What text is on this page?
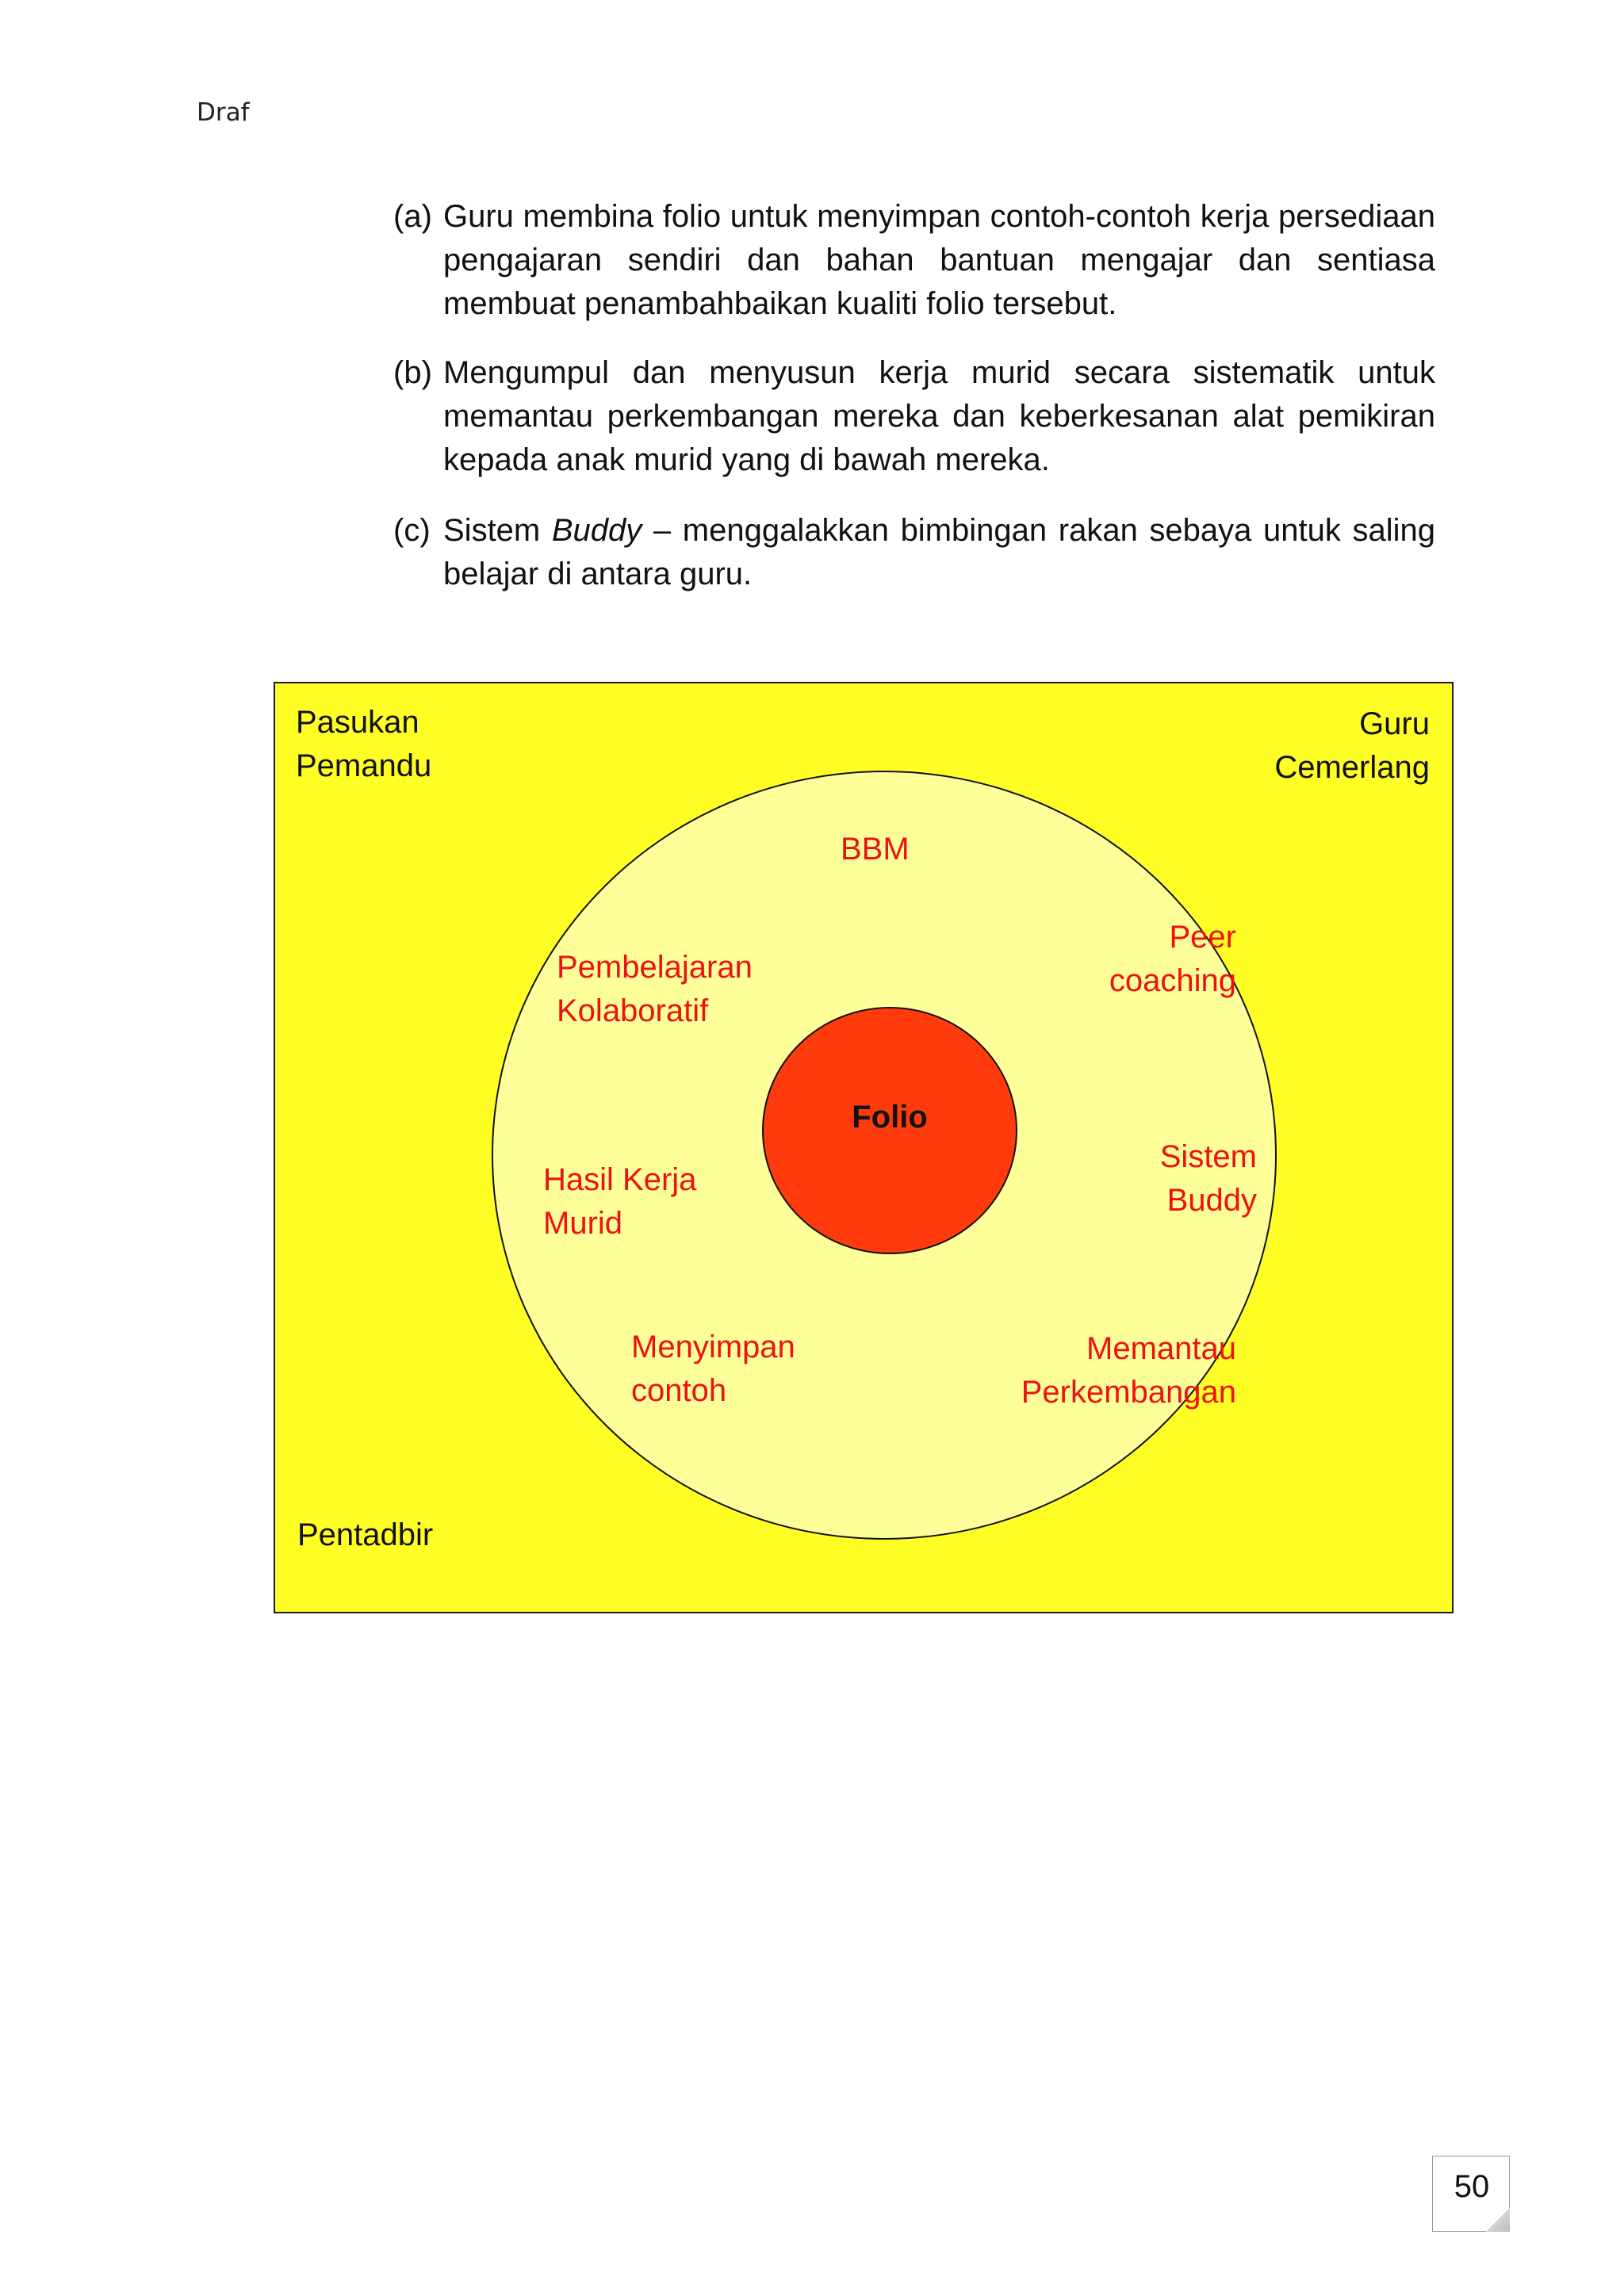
Draf
(a) Guru membina folio untuk menyimpan contoh-contoh kerja persediaan pengajaran sendiri dan bahan bantuan mengajar dan sentiasa membuat penambahbaikan kualiti folio tersebut.
(b) Mengumpul dan menyusun kerja murid secara sistematik untuk memantau perkembangan mereka dan keberkesanan alat pemikiran kepada anak murid yang di bawah mereka.
(c) Sistem Buddy – menggalakkan bimbingan rakan sebaya untuk saling belajar di antara guru.
Pasukan
Pemandu
Guru
Cemerlang
Pentadbir
Folio
BBM
Peer
coaching
Pembelajaran
Kolaboratif
Hasil Kerja
Murid
Sistem
Buddy
Menyimpan
contoh
Memantau
Perkembangan
50
